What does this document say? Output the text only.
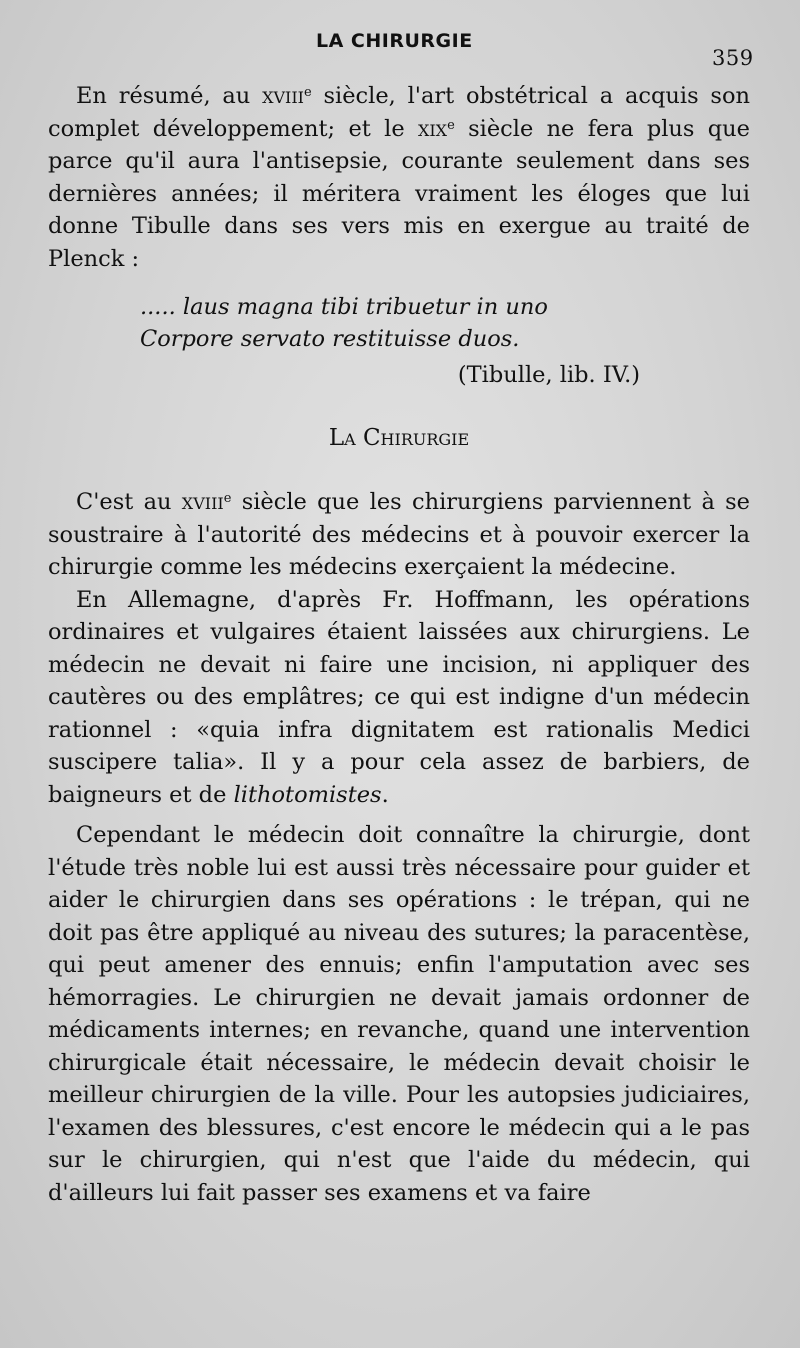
LA CHIRURGIE
359

En résumé, au xviii$^e$ siècle, l'art obstétrical a acquis son complet développement; et le xix$^e$ siècle ne fera plus que parce qu'il aura l'antisepsie, courante seulement dans ses dernières années; il méritera vraiment les éloges que lui donne Tibulle dans ses vers mis en exergue au traité de Plenck :

..... laus magna tibi tribuetur in uno
Corpore servato restituisse duos.
(Tibulle, lib. IV.)
La Chirurgie

C'est au xviii$^e$ siècle que les chirurgiens parviennent à se soustraire à l'autorité des médecins et à pouvoir exercer la chirurgie comme les médecins exerçaient la médecine.

En Allemagne, d'après Fr. Hoffmann, les opérations ordinaires et vulgaires étaient laissées aux chirurgiens. Le médecin ne devait ni faire une incision, ni appliquer des cautères ou des emplâtres; ce qui est indigne d'un médecin rationnel : «quia infra dignitatem est rationalis Medici suscipere talia». Il y a pour cela assez de barbiers, de baigneurs et de lithotomistes.

Cependant le médecin doit connaître la chirurgie, dont l'étude très noble lui est aussi très nécessaire pour guider et aider le chirurgien dans ses opérations : le trépan, qui ne doit pas être appliqué au niveau des sutures; la paracentèse, qui peut amener des ennuis; enfin l'amputation avec ses hémorragies. Le chirurgien ne devait jamais ordonner de médicaments internes; en revanche, quand une intervention chirurgicale était nécessaire, le médecin devait choisir le meilleur chirurgien de la ville. Pour les autopsies judiciaires, l'examen des blessures, c'est encore le médecin qui a le pas sur le chirurgien, qui n'est que l'aide du médecin, qui d'ailleurs lui fait passer ses examens et va faire
